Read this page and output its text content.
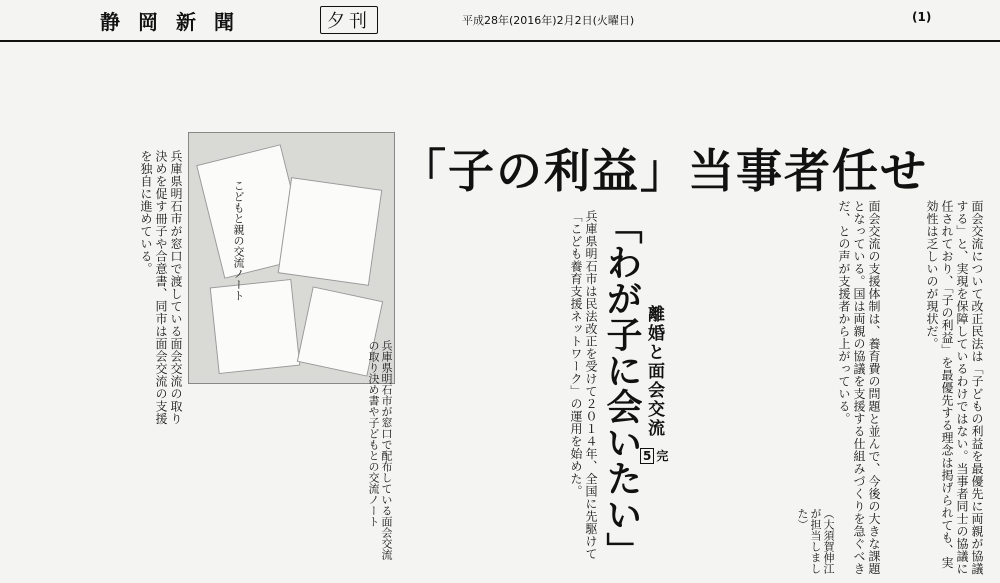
静岡新聞	夕刊	平成28年(2016年)2月2日(火曜日)	(1)
「子の利益」当事者任せ
「わが子に会いたい」 離婚と面会交流
5 完	面会交流について改正民法は「子どもの利益を最優先に両親が協議する」と、実現を保障しているわけではない。当事者同士の協議に任されており、「子の利益」を最優先する理念は掲げられても、実効性は乏しいのが現状だ。
面会交流の支援体制は、養育費の問題と並んで、今後の大きな課題となっている。国は両親の協議を支援する仕組みづくりを急ぐべきだ、との声が支援者から上がっている。
兵庫県明石市は民法改正を受けて２０１４年、全国に先駆けて「こども養育支援ネットワーク」の運用を始めた。
兵庫県明石市が窓口で渡している面会交流の取り決めを促す冊子や合意書、同市は面会交流の支援を独自に進めている。	こどもと親の交流ノート
兵庫県明石市が窓口で配布している面会交流の取り決め書や子どもとの交流ノート
（大須賀伸江が担当しました）
